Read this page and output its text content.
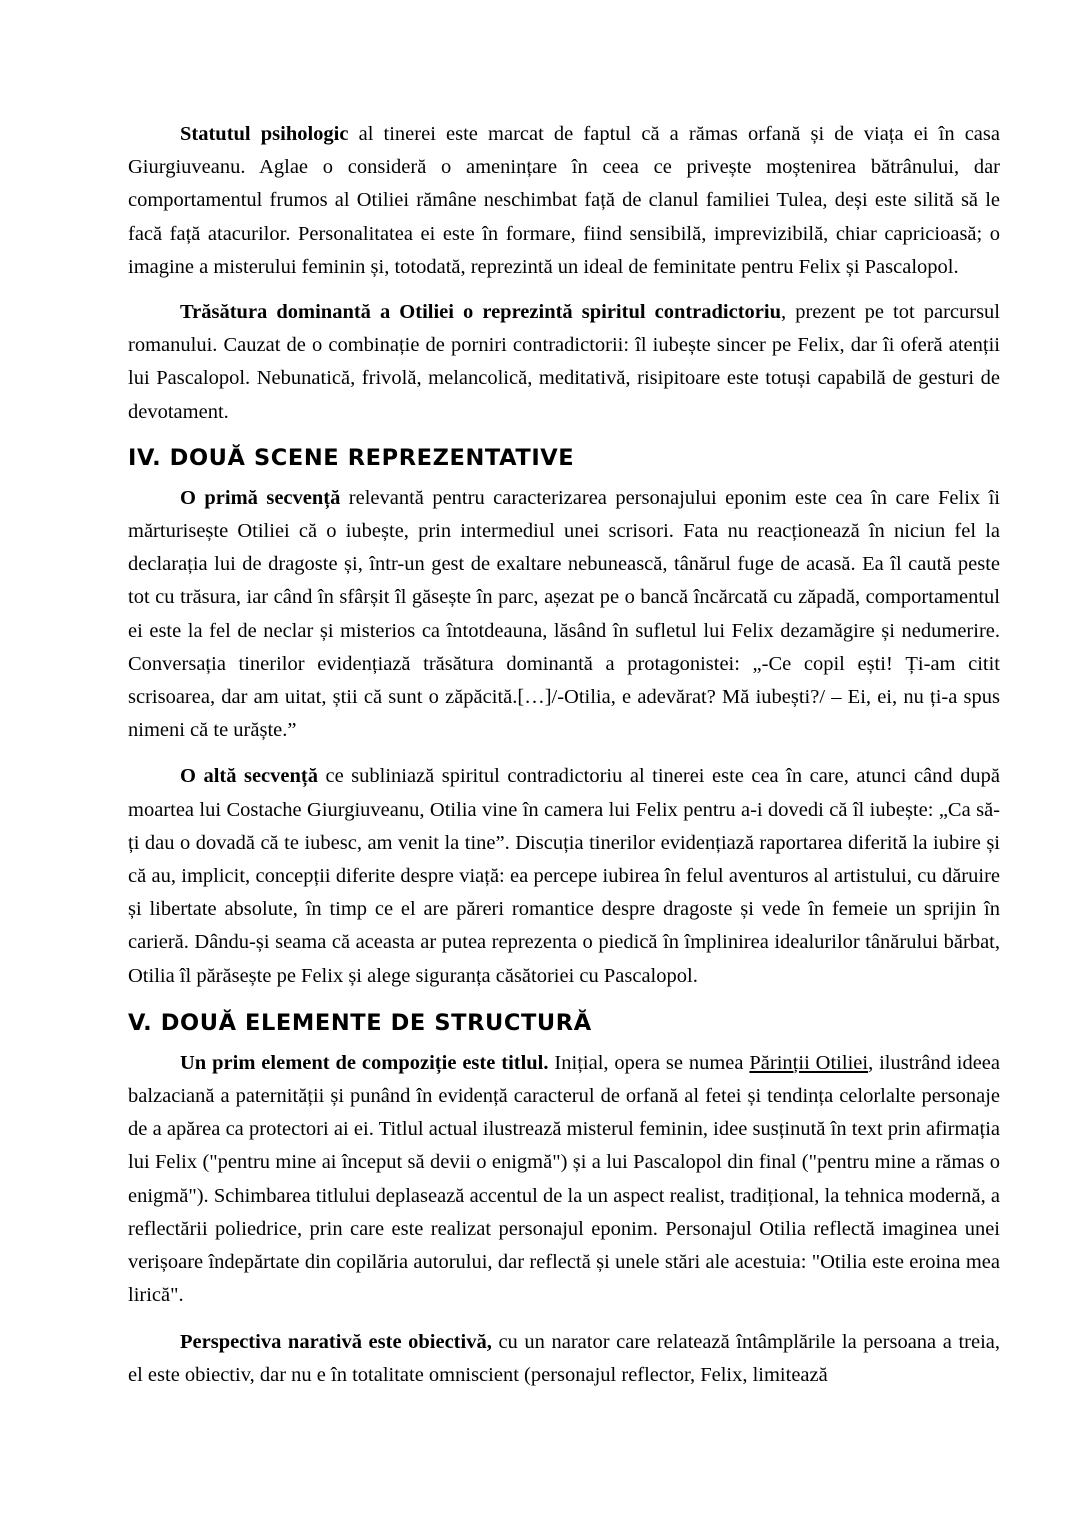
Statutul psihologic al tinerei este marcat de faptul că a rămas orfană și de viața ei în casa Giurgiuveanu. Aglae o consideră o amenințare în ceea ce privește moștenirea bătrânului, dar comportamentul frumos al Otiliei rămâne neschimbat față de clanul familiei Tulea, deși este silită să le facă față atacurilor. Personalitatea ei este în formare, fiind sensibilă, imprevizibilă, chiar capricioasă; o imagine a misterului feminin și, totodată, reprezintă un ideal de feminitate pentru Felix și Pascalopol.

Trăsătura dominantă a Otiliei o reprezintă spiritul contradictoriu, prezent pe tot parcursul romanului. Cauzat de o combinație de porniri contradictorii: îl iubește sincer pe Felix, dar îi oferă atenții lui Pascalopol. Nebunatică, frivolă, melancolică, meditativă, risipitoare este totuși capabilă de gesturi de devotament.

IV. DOUĂ SCENE REPREZENTATIVE

O primă secvență relevantă pentru caracterizarea personajului eponim este cea în care Felix îi mărturisește Otiliei că o iubește, prin intermediul unei scrisori. Fata nu reacționează în niciun fel la declarația lui de dragoste și, într-un gest de exaltare nebunească, tânărul fuge de acasă. Ea îl caută peste tot cu trăsura, iar când în sfârșit îl găsește în parc, așezat pe o bancă încărcată cu zăpadă, comportamentul ei este la fel de neclar și misterios ca întotdeauna, lăsând în sufletul lui Felix dezamăgire și nedumerire. Conversația tinerilor evidențiază trăsătura dominantă a protagonistei: „-Ce copil ești! Ți-am citit scrisoarea, dar am uitat, știi că sunt o zăpăcită.[…]/-Otilia, e adevărat? Mă iubești?/ – Ei, ei, nu ți-a spus nimeni că te urăște.”

O altă secvență ce subliniază spiritul contradictoriu al tinerei este cea în care, atunci când după moartea lui Costache Giurgiuveanu, Otilia vine în camera lui Felix pentru a-i dovedi că îl iubește: „Ca să-ți dau o dovadă că te iubesc, am venit la tine”. Discuția tinerilor evidențiază raportarea diferită la iubire și că au, implicit, concepții diferite despre viață: ea percepe iubirea în felul aventuros al artistului, cu dăruire și libertate absolute, în timp ce el are păreri romantice despre dragoste și vede în femeie un sprijin în carieră. Dându-și seama că aceasta ar putea reprezenta o piedică în împlinirea idealurilor tânărului bărbat, Otilia îl părăsește pe Felix și alege siguranța căsătoriei cu Pascalopol.

V. DOUĂ ELEMENTE DE STRUCTURĂ

Un prim element de compoziție este titlul. Inițial, opera se numea Părinții Otiliei, ilustrând ideea balzaciană a paternității și punând în evidență caracterul de orfană al fetei și tendința celorlalte personaje de a apărea ca protectori ai ei. Titlul actual ilustrează misterul feminin, idee susținută în text prin afirmația lui Felix ("pentru mine ai început să devii o enigmă") și a lui Pascalopol din final ("pentru mine a rămas o enigmă"). Schimbarea titlului deplasează accentul de la un aspect realist, tradițional, la tehnica modernă, a reflectării poliedrice, prin care este realizat personajul eponim. Personajul Otilia reflectă imaginea unei verișoare îndepărtate din copilăria autorului, dar reflectă și unele stări ale acestuia: "Otilia este eroina mea lirică".

Perspectiva narativă este obiectivă, cu un narator care relatează întâmplările la persoana a treia, el este obiectiv, dar nu e în totalitate omniscient (personajul reflector, Felix, limitează
